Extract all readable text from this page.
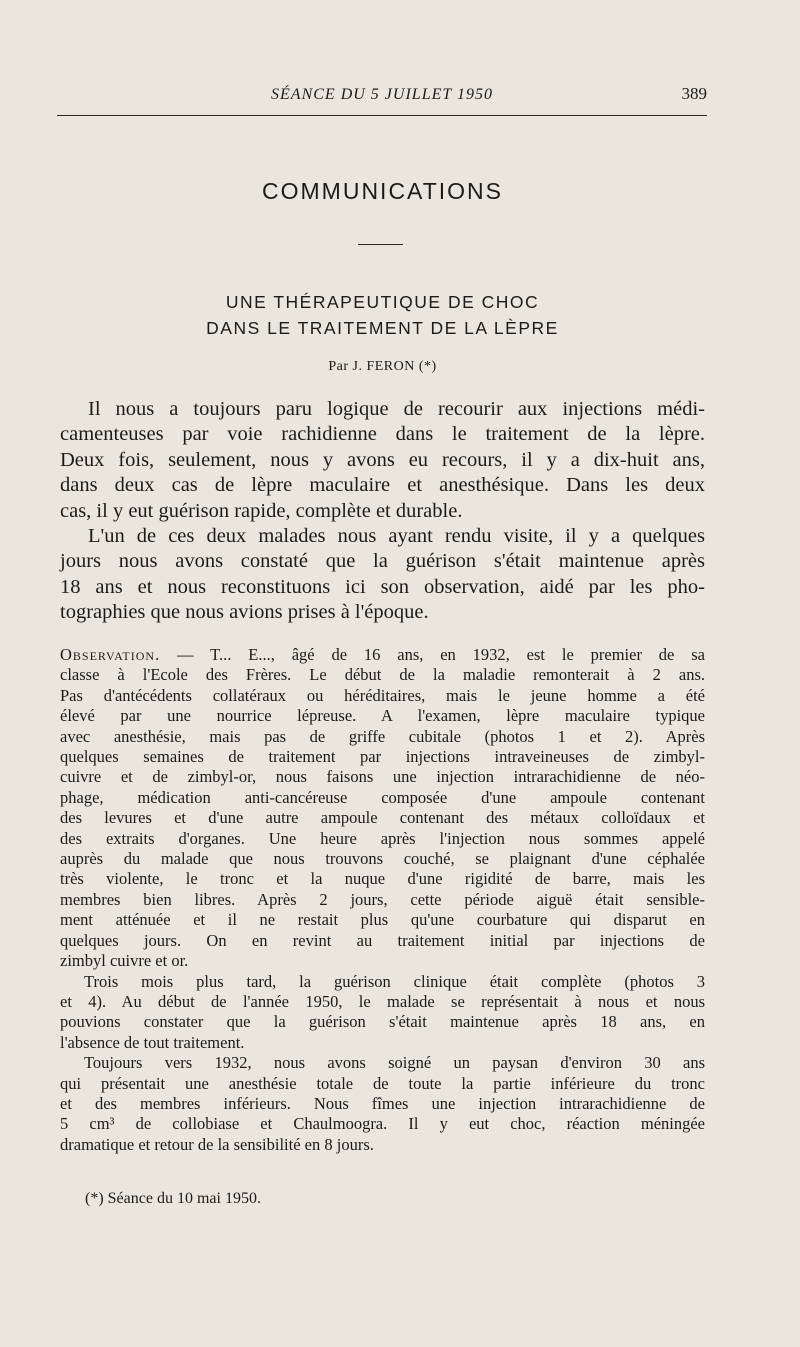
SÉANCE DU 5 JUILLET 1950	389
COMMUNICATIONS
UNE THÉRAPEUTIQUE DE CHOC
DANS LE TRAITEMENT DE LA LÈPRE
Par J. FERON (*)
Il nous a toujours paru logique de recourir aux injections médi-
camenteuses par voie rachidienne dans le traitement de la lèpre.
Deux fois, seulement, nous y avons eu recours, il y a dix-huit ans,
dans deux cas de lèpre maculaire et anesthésique. Dans les deux
cas, il y eut guérison rapide, complète et durable.
L'un de ces deux malades nous ayant rendu visite, il y a quelques
jours nous avons constaté que la guérison s'était maintenue après
18 ans et nous reconstituons ici son observation, aidé par les pho-
tographies que nous avions prises à l'époque.
Observation. — T... E..., âgé de 16 ans, en 1932, est le premier de sa
classe à l'Ecole des Frères. Le début de la maladie remonterait à 2 ans.
Pas d'antécédents collatéraux ou héréditaires, mais le jeune homme a été
élevé par une nourrice lépreuse. A l'examen, lèpre maculaire typique
avec anesthésie, mais pas de griffe cubitale (photos 1 et 2). Après
quelques semaines de traitement par injections intraveineuses de zimbyl-
cuivre et de zimbyl-or, nous faisons une injection intrarachidienne de néo-
phage, médication anti-cancéreuse composée d'une ampoule contenant
des levures et d'une autre ampoule contenant des métaux colloïdaux et
des extraits d'organes. Une heure après l'injection nous sommes appelé
auprès du malade que nous trouvons couché, se plaignant d'une céphalée
très violente, le tronc et la nuque d'une rigidité de barre, mais les
membres bien libres. Après 2 jours, cette période aiguë était sensible-
ment atténuée et il ne restait plus qu'une courbature qui disparut en
quelques jours. On en revint au traitement initial par injections de
zimbyl cuivre et or.
Trois mois plus tard, la guérison clinique était complète (photos 3
et 4). Au début de l'année 1950, le malade se représentait à nous et nous
pouvions constater que la guérison s'était maintenue après 18 ans, en
l'absence de tout traitement.
Toujours vers 1932, nous avons soigné un paysan d'environ 30 ans
qui présentait une anesthésie totale de toute la partie inférieure du tronc
et des membres inférieurs. Nous fîmes une injection intrarachidienne de
5 cm³ de collobiase et Chaulmoogra. Il y eut choc, réaction méningée
dramatique et retour de la sensibilité en 8 jours.
(*) Séance du 10 mai 1950.
